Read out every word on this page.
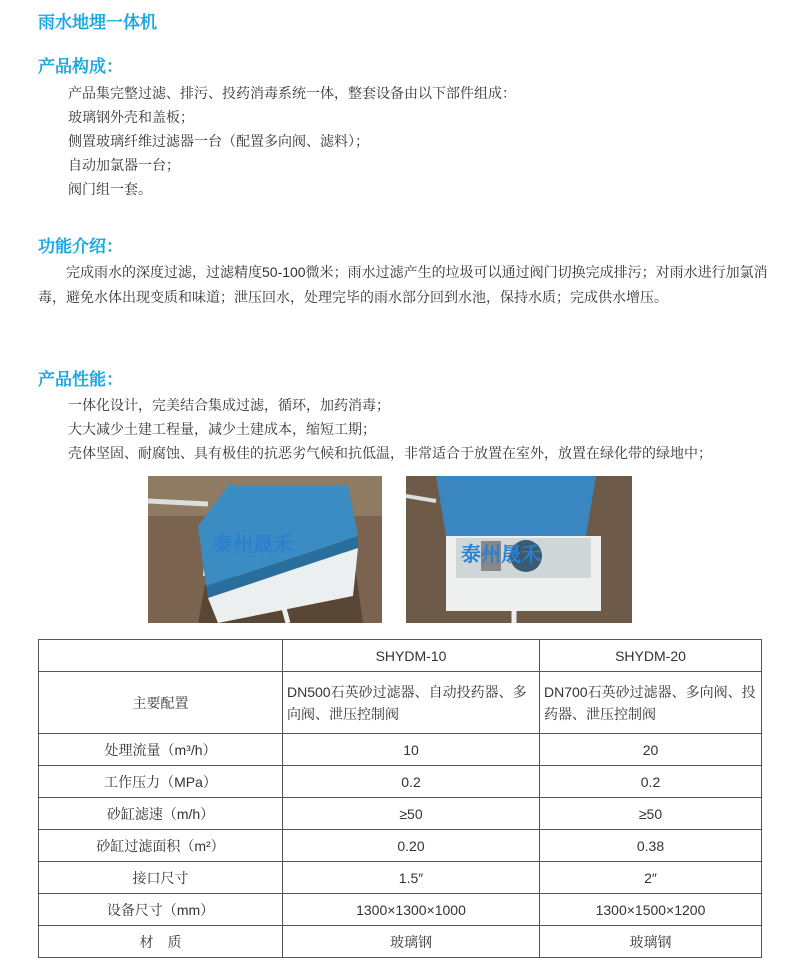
雨水地埋一体机
产品构成：
产品集完整过滤、排污、投药消毒系统一体，整套设备由以下部件组成：
玻璃钢外壳和盖板；
侧置玻璃纤维过滤器一台（配置多向阀、滤料）；
自动加氯器一台；
阀门组一套。
功能介绍：
完成雨水的深度过滤，过滤精度50-100微米；雨水过滤产生的垃圾可以通过阀门切换完成排污；对雨水进行加氯消毒，避免水体出现变质和味道；泄压回水，处理完毕的雨水部分回到水池，保持水质；完成供水增压。
产品性能：
一体化设计，完美结合集成过滤，循环，加药消毒；
大大减少土建工程量，减少土建成本，缩短工期；
壳体坚固、耐腐蚀、具有极佳的抗恶劣气候和抗低温，非常适合于放置在室外，放置在绿化带的绿地中；
泰州晟禾	泰州晟禾
	SHYDM-10	SHYDM-20
主要配置	DN500石英砂过滤器、自动投药器、多向阀、泄压控制阀	DN700石英砂过滤器、多向阀、投药器、泄压控制阀
处理流量（m³/h）	10	20
工作压力（MPa）	0.2	0.2
砂缸滤速（m/h）	≥50	≥50
砂缸过滤面积（m²）	0.20	0.38
接口尺寸	1.5″	2″
设备尺寸（mm）	1300×1300×1000	1300×1500×1200
材　质	玻璃钢	玻璃钢
